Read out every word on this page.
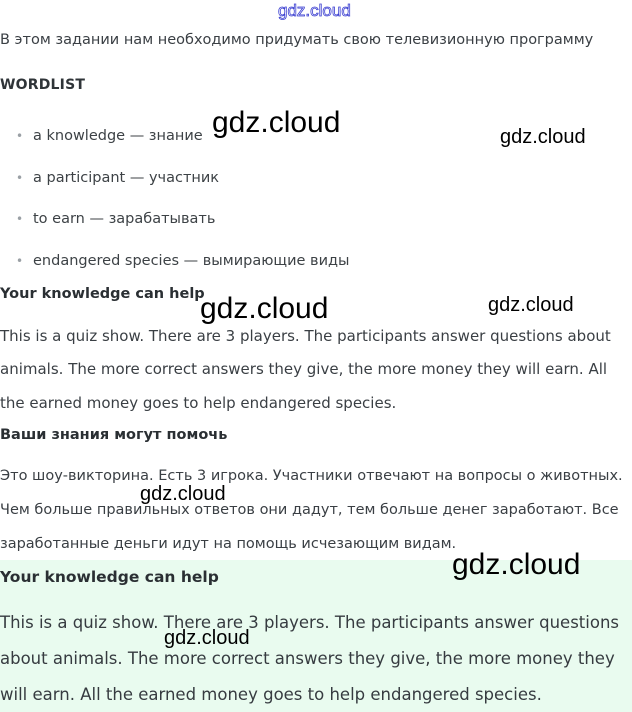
gdz.cloud

В этом задании нам необходимо придумать свою телевизионную программу

WORDLIST

• a knowledge — знание
• a participant — участник
• to earn — зарабатывать
• endangered species — вымирающие виды

Your knowledge can help

This is a quiz show. There are 3 players. The participants answer questions about

animals. The more correct answers they give, the more money they will earn. All

the earned money goes to help endangered species.

Ваши знания могут помочь

Это шоу-викторина. Есть 3 игрока. Участники отвечают на вопросы о животных.

Чем больше правильных ответов они дадут, тем больше денег заработают. Все

заработанные деньги идут на помощь исчезающим видам.

Your knowledge can help

This is a quiz show. There are 3 players. The participants answer questions

about animals. The more correct answers they give, the more money they

will earn. All the earned money goes to help endangered species.

gdz.cloud	gdz.cloud
gdz.cloud	gdz.cloud
gdz.cloud
gdz.cloud
gdz.cloud
